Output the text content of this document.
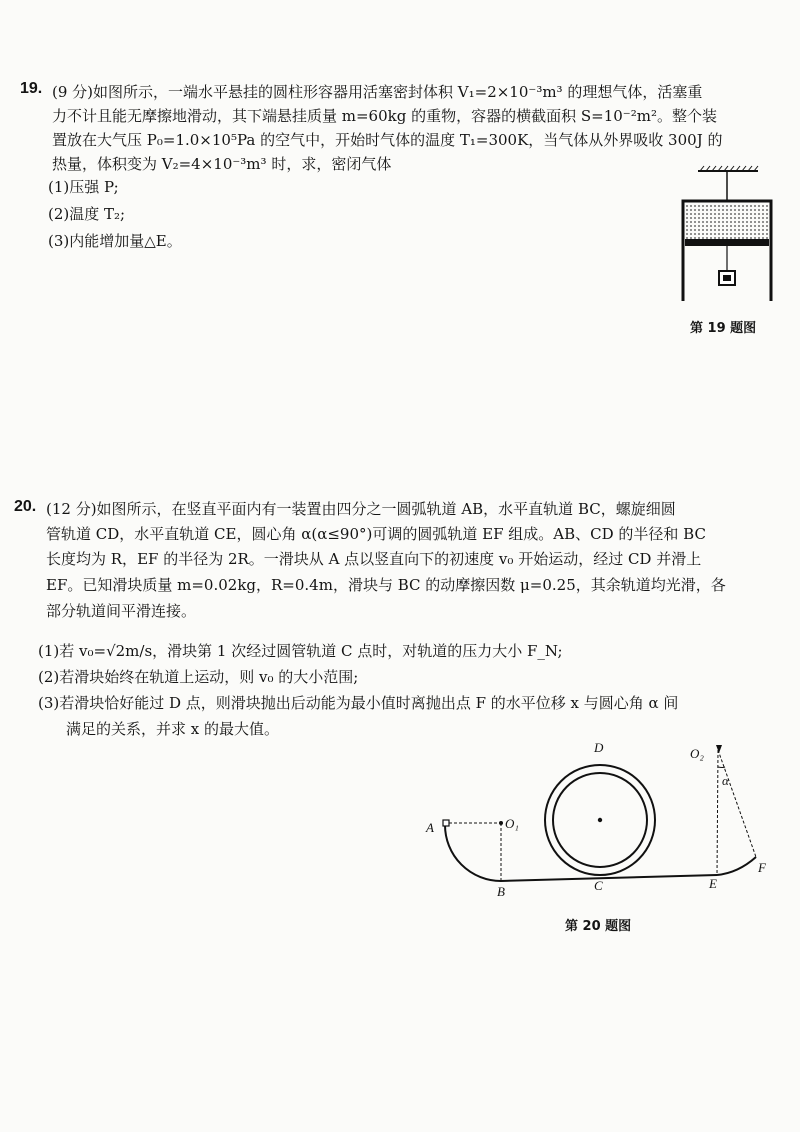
19. (9 分)如图所示，一端水平悬挂的圆柱形容器用活塞密封体积 V₁=2×10⁻³m³ 的理想气体，活塞重
力不计且能无摩擦地滑动，其下端悬挂质量 m=60kg 的重物，容器的横截面积 S=10⁻²m²。整个装
置放在大气压 P₀=1.0×10⁵Pa 的空气中，开始时气体的温度 T₁=300K，当气体从外界吸收 300J 的
热量，体积变为 V₂=4×10⁻³m³ 时，求，密闭气体
(1)压强 P;
(2)温度 T₂;
(3)内能增加量△E。
第 19 题图
20. (12 分)如图所示，在竖直平面内有一装置由四分之一圆弧轨道 AB，水平直轨道 BC，螺旋细圆
管轨道 CD，水平直轨道 CE，圆心角 α(α≤90°)可调的圆弧轨道 EF 组成。AB、CD 的半径和 BC
长度均为 R，EF 的半径为 2R。一滑块从 A 点以竖直向下的初速度 v₀ 开始运动，经过 CD 并滑上
EF。已知滑块质量 m=0.02kg，R=0.4m，滑块与 BC 的动摩擦因数 μ=0.25，其余轨道均光滑，各
部分轨道间平滑连接。
(1)若 v₀=√2m/s，滑块第 1 次经过圆管轨道 C 点时，对轨道的压力大小 F_N;
(2)若滑块始终在轨道上运动，则 v₀ 的大小范围;
(3)若滑块恰好能过 D 点，则滑块抛出后动能为最小值时离抛出点 F 的水平位移 x 与圆心角 α 间
满足的关系，并求 x 的最大值。
A	O₁
B	C
D	O₂
α
E
F
第 20 题图
